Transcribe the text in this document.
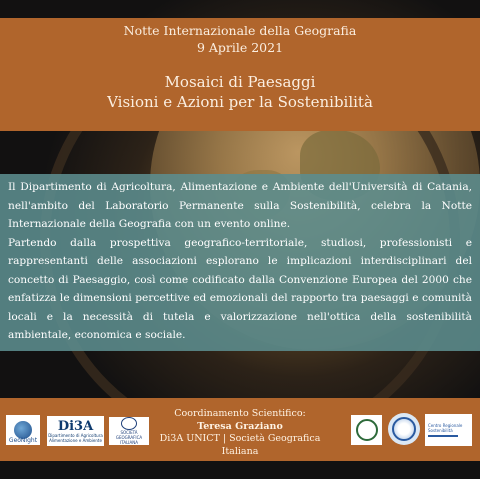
Notte Internazionale della Geografia
9 Aprile 2021
Mosaici di Paesaggi
Visioni e Azioni per la Sostenibilità

Il Dipartimento di Agricoltura, Alimentazione e Ambiente dell'Università di Catania, nell'ambito del Laboratorio Permanente sulla Sostenibilità, celebra la Notte Internazionale della Geografia con un evento online.

Partendo dalla prospettiva geografico-territoriale, studiosi, professionisti e rappresentanti delle associazioni esplorano le implicazioni interdisciplinari del concetto di Paesaggio, così come codificato dalla Convenzione Europea del 2000 che enfatizza le dimensioni percettive ed emozionali del rapporto tra paesaggi e comunità locali e la necessità di tutela e valorizzazione nell'ottica della sostenibilità ambientale, economica e sociale.

GeoNight
Di3A
Dipartimento di Agricoltura Alimentazione e Ambiente
SOCIETÀ GEOGRAFICA ITALIANA
Coordinamento Scientifico:
Teresa Graziano
Di3A UNICT | Società Geografica Italiana
Centro Regionale Sostenibilità
